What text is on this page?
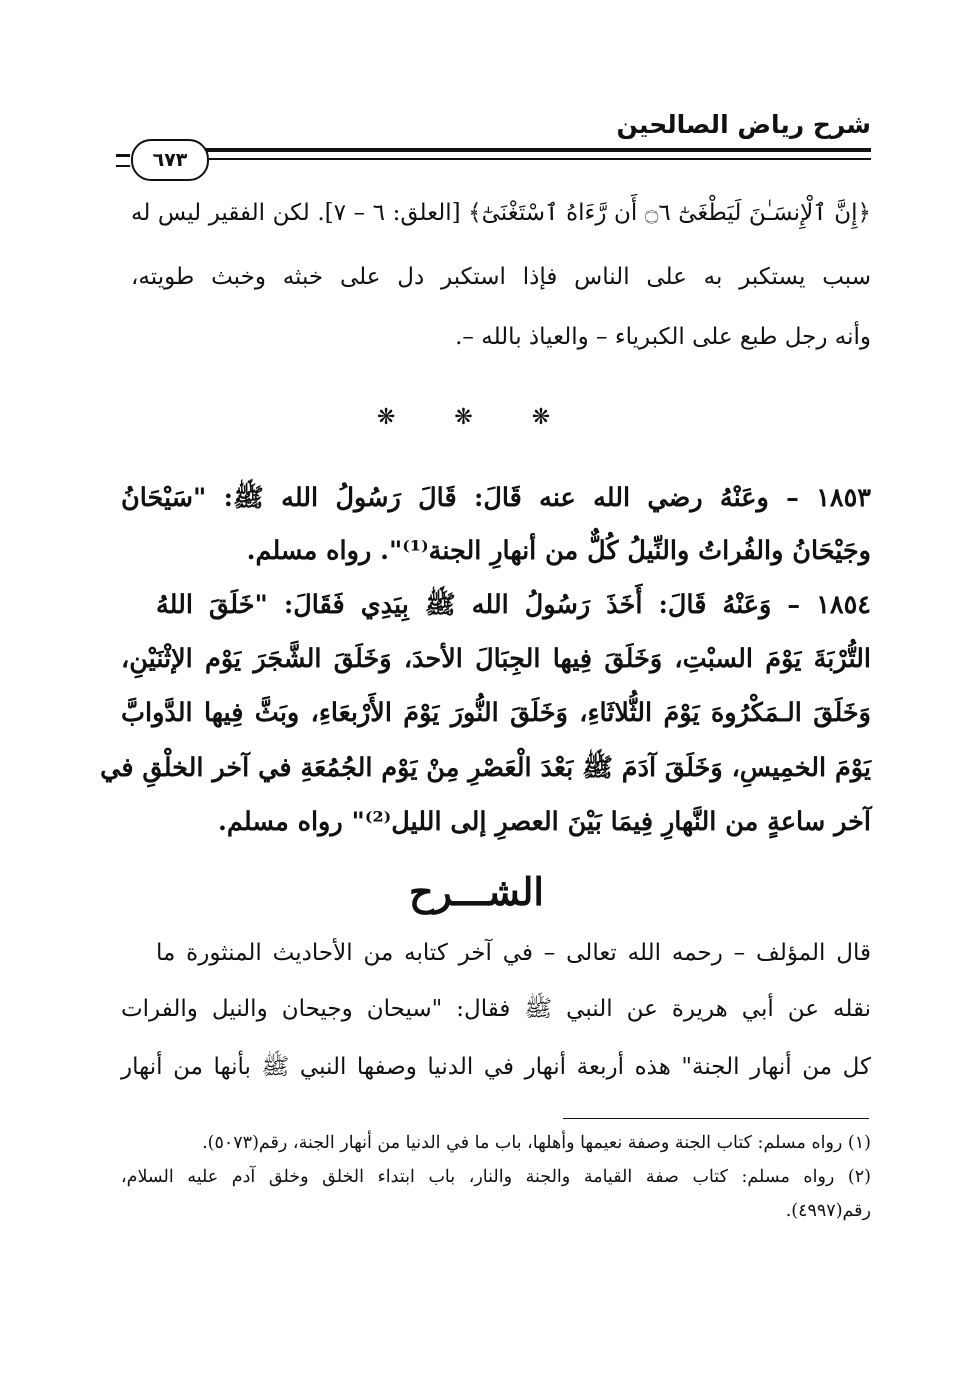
شرح رياض الصالحين
٦٧٣
﴿إِنَّ ٱلْإِنسَـٰنَ لَيَطْغَىٰٓ ۝٦ أَن رَّءَاهُ ٱسْتَغْنَىٰٓ﴾ [العلق: ٦ – ٧]. لكن الفقير ليس له
سبب يستكبر به على الناس فإذا استكبر دل على خبثه وخبث طويته،
وأنه رجل طبع على الكبرياء – والعياذ بالله –.
❋ ❋ ❋
١٨٥٣ – وعَنْهُ رضي الله عنه قَالَ: قَالَ رَسُولُ الله ﷺ: "سَيْحَانُ
وجَيْحَانُ والفُراتُ والنِّيلُ كُلٌّ من أنهارِ الجنة⁽¹⁾". رواه مسلم.
١٨٥٤ – وَعَنْهُ قَالَ: أَخَذَ رَسُولُ الله ﷺ بِيَدِي فَقَالَ: "خَلَقَ اللهُ
التُّرْبَةَ يَوْمَ السبْتِ، وَخَلَقَ فِيها الجِبَالَ الأحدَ، وَخَلَقَ الشَّجَرَ يَوْم الإثْنَيْنِ،
وَخَلَقَ الـمَكْرُوهَ يَوْمَ الثُّلاثَاءِ، وَخَلَقَ النُّورَ يَوْمَ الأَرْبعَاءِ، وبَثَّ فِيها الدَّوابَّ
يَوْمَ الخمِيسِ، وَخَلَقَ آدَمَ ﷺ بَعْدَ الْعَصْرِ مِنْ يَوْم الجُمُعَةِ في آخر الخلْقِ في
آخر ساعةٍ من النَّهارِ فِيمَا بَيْنَ العصرِ إلى الليل⁽²⁾" رواه مسلم.
الشـــرح
قال المؤلف – رحمه الله تعالى – في آخر كتابه من الأحاديث المنثورة ما
نقله عن أبي هريرة عن النبي ﷺ فقال: "سيحان وجيحان والنيل والفرات
كل من أنهار الجنة" هذه أربعة أنهار في الدنيا وصفها النبي ﷺ بأنها من أنهار
(١) رواه مسلم: كتاب الجنة وصفة نعيمها وأهلها، باب ما في الدنيا من أنهار الجنة، رقم(٥٠٧٣).
(٢) رواه مسلم: كتاب صفة القيامة والجنة والنار، باب ابتداء الخلق وخلق آدم عليه السلام،
رقم(٤٩٩٧).
